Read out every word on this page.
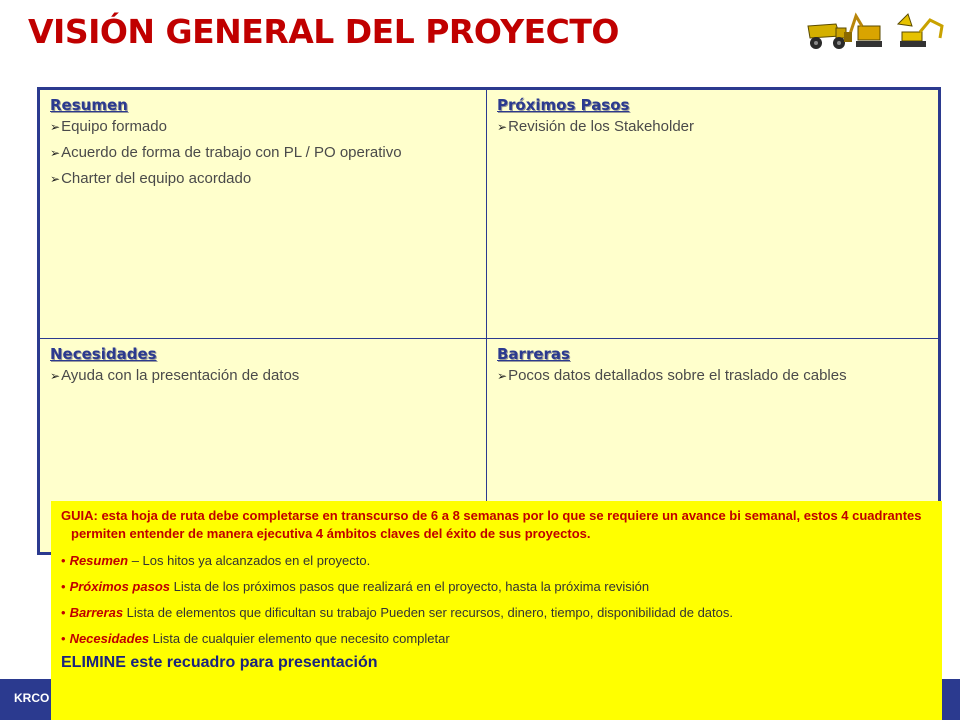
VISIÓN GENERAL DEL PROYECTO
Resumen
➢Equipo formado
➢Acuerdo de forma de trabajo con PL / PO operativo
➢Charter del equipo acordado
Próximos Pasos
➢Revisión de los Stakeholder
Necesidades
➢Ayuda con la presentación de datos
Barreras
➢Pocos datos detallados sobre el traslado de cables
KRCO
GUIA: esta hoja de ruta debe completarse en transcurso de 6 a 8 semanas por lo que se requiere un avance bi semanal, estos 4 cuadrantes permiten entender de manera ejecutiva 4 ámbitos claves del éxito de sus proyectos.
• Resumen – Los hitos ya alcanzados en el proyecto.
• Próximos pasos Lista de los próximos pasos que realizará en el proyecto, hasta la próxima revisión
• Barreras Lista de elementos que dificultan su trabajo Pueden ser recursos, dinero, tiempo, disponibilidad de datos.
• Necesidades Lista de cualquier elemento que necesito completar
ELIMINE este recuadro para presentación
